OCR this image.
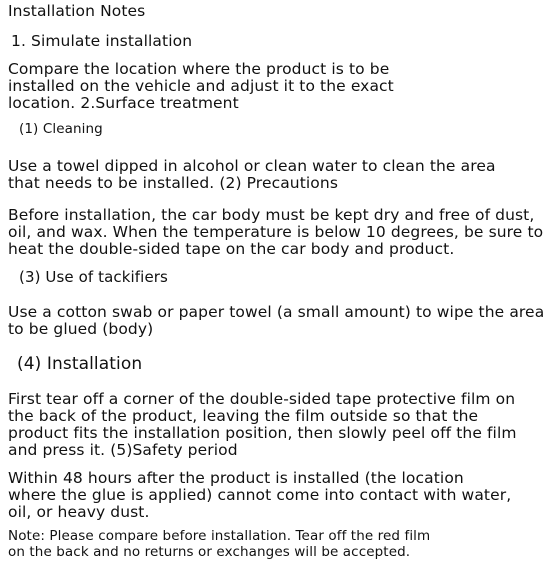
Installation Notes

1. Simulate installation

Compare the location where the product is to be
installed on the vehicle and adjust it to the exact
location. 2.Surface treatment

(1) Cleaning

Use a towel dipped in alcohol or clean water to clean the area
that needs to be installed. (2) Precautions

Before installation, the car body must be kept dry and free of dust,
oil, and wax. When the temperature is below 10 degrees, be sure to
heat the double-sided tape on the car body and product.

(3) Use of tackifiers

Use a cotton swab or paper towel (a small amount) to wipe the area
to be glued (body)

(4) Installation

First tear off a corner of the double-sided tape protective film on
the back of the product, leaving the film outside so that the
product fits the installation position, then slowly peel off the film
and press it. (5)Safety period

Within 48 hours after the product is installed (the location
where the glue is applied) cannot come into contact with water,
oil, or heavy dust.

Note: Please compare before installation. Tear off the red film
on the back and no returns or exchanges will be accepted.
